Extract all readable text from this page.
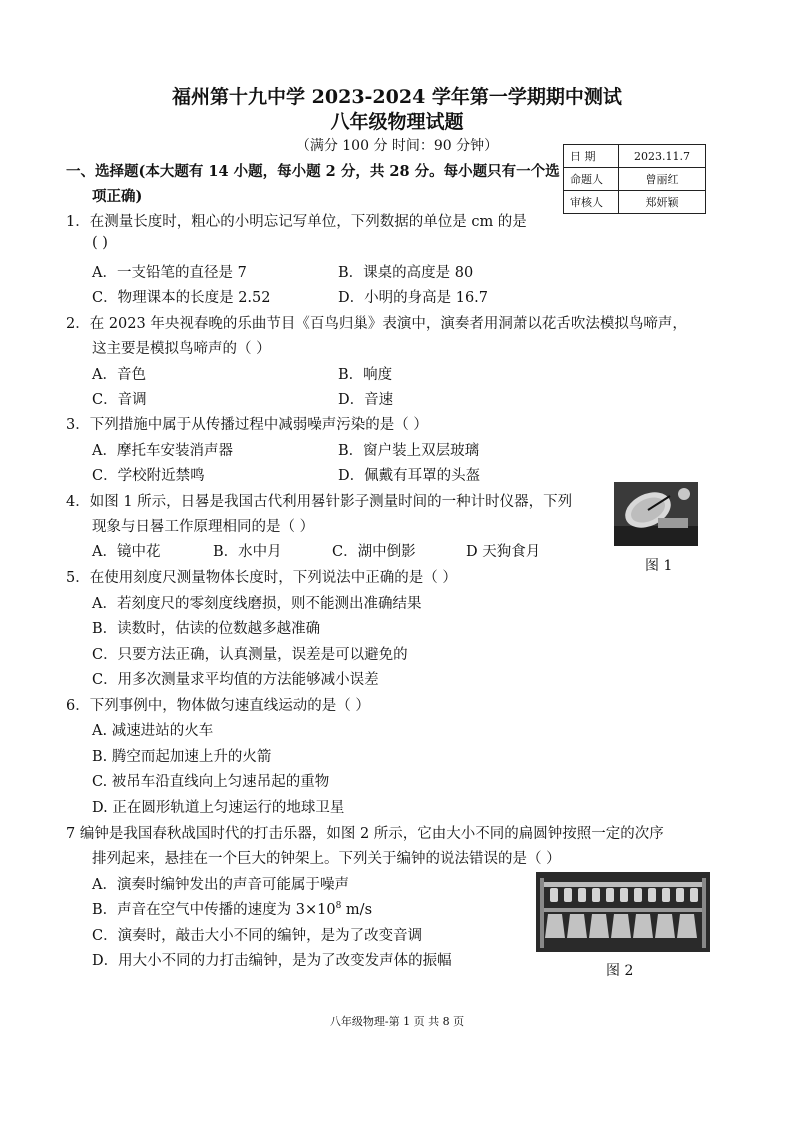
福州第十九中学 2023-2024 学年第一学期期中测试
八年级物理试题
（满分 100 分 时间：90 分钟）
日 期	2023.11.7
命题人	曾丽红
审核人	郑妍颖
一、选择题(本大题有 14 小题，每小题 2 分，共 28 分。每小题只有一个选
项正确)
1．在测量长度时，粗心的小明忘记写单位，下列数据的单位是 cm 的是
( )
A．一支铅笔的直径是 7	B．课桌的高度是 80
C．物理课本的长度是 2.52	D．小明的身高是 16.7
2．在 2023 年央视春晚的乐曲节目《百鸟归巢》表演中，演奏者用洞萧以花舌吹法模拟鸟啼声，
这主要是模拟鸟啼声的（ ）
A．音色	B．响度
C．音调	D．音速
3．下列措施中属于从传播过程中减弱噪声污染的是（ ）
A．摩托车安装消声器	B．窗户装上双层玻璃
C．学校附近禁鸣	D．佩戴有耳罩的头盔
4．如图 1 所示，日晷是我国古代利用晷针影子测量时间的一种计时仪器，下列
现象与日晷工作原理相同的是（ ）
A．镜中花	B．水中月	C．湖中倒影	D 天狗食月
图 1
5．在使用刻度尺测量物体长度时，下列说法中正确的是（ ）
A．若刻度尺的零刻度线磨损，则不能测出准确结果
B．读数时，估读的位数越多越准确
C．只要方法正确，认真测量，误差是可以避免的
C．用多次测量求平均值的方法能够减小误差
6．下列事例中，物体做匀速直线运动的是（ ）
A. 减速进站的火车
B. 腾空而起加速上升的火箭
C. 被吊车沿直线向上匀速吊起的重物
D. 正在圆形轨道上匀速运行的地球卫星
7 编钟是我国春秋战国时代的打击乐器，如图 2 所示，它由大小不同的扁圆钟按照一定的次序
排列起来，悬挂在一个巨大的钟架上。下列关于编钟的说法错误的是（ ）
A．演奏时编钟发出的声音可能属于噪声
B．声音在空气中传播的速度为 $3\times 10^8$ m/s
C．演奏时，敲击大小不同的编钟，是为了改变音调
D．用大小不同的力打击编钟，是为了改变发声体的振幅
图 2
八年级物理-第 1 页 共 8 页
